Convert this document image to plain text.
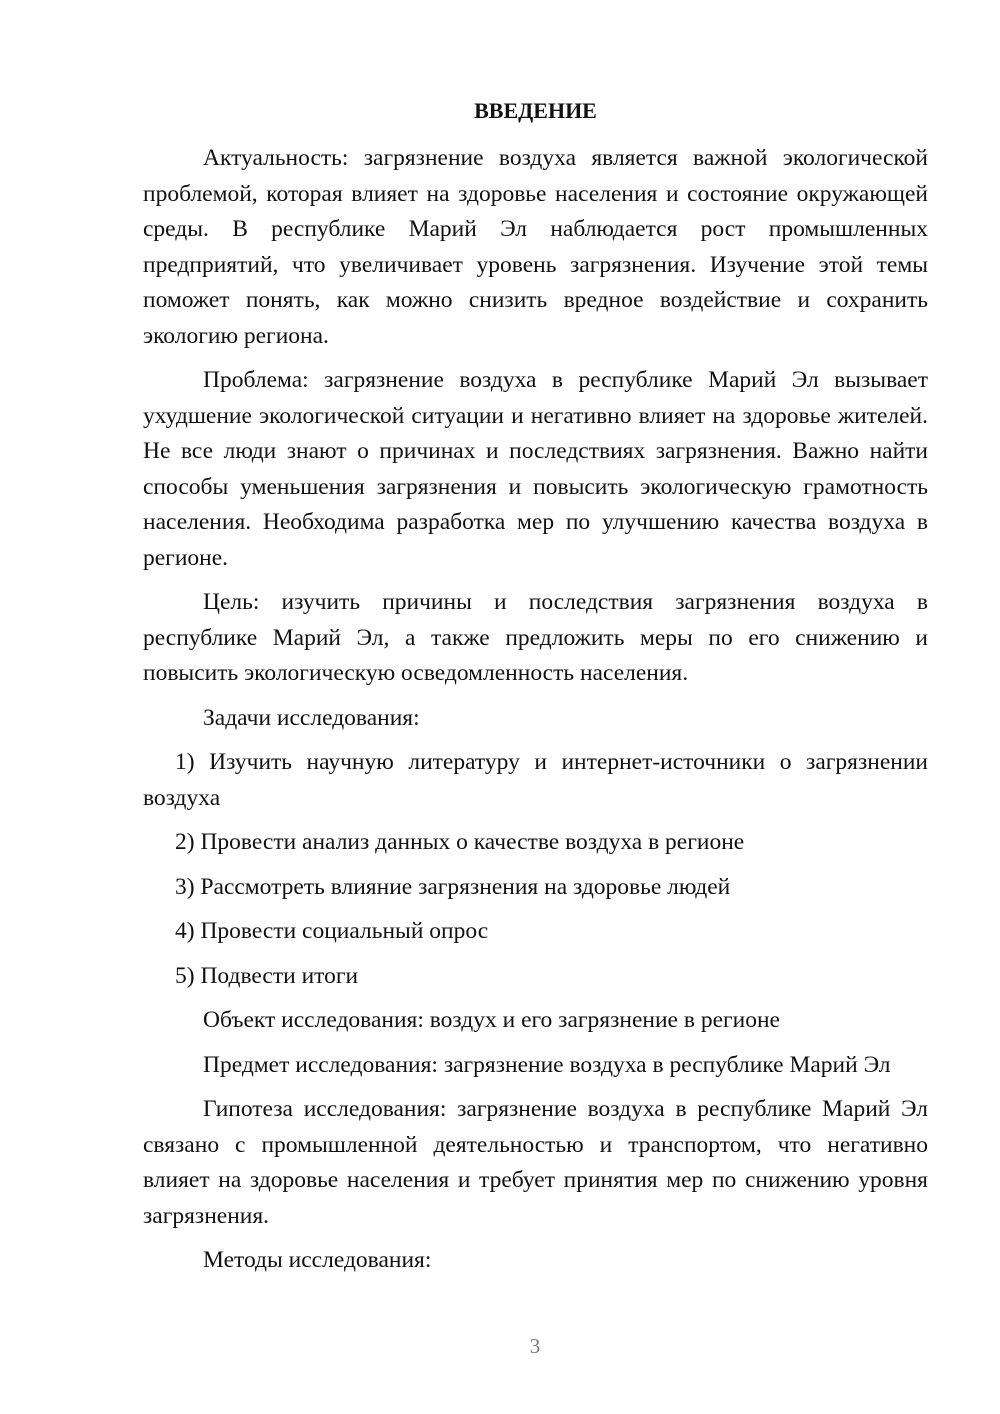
ВВЕДЕНИЕ
Актуальность: загрязнение воздуха является важной экологической проблемой, которая влияет на здоровье населения и состояние окружающей среды. В республике Марий Эл наблюдается рост промышленных предприятий, что увеличивает уровень загрязнения. Изучение этой темы поможет понять, как можно снизить вредное воздействие и сохранить экологию региона.
Проблема: загрязнение воздуха в республике Марий Эл вызывает ухудшение экологической ситуации и негативно влияет на здоровье жителей. Не все люди знают о причинах и последствиях загрязнения. Важно найти способы уменьшения загрязнения и повысить экологическую грамотность населения. Необходима разработка мер по улучшению качества воздуха в регионе.
Цель: изучить причины и последствия загрязнения воздуха в республике Марий Эл, а также предложить меры по его снижению и повысить экологическую осведомленность населения.
Задачи исследования:
1) Изучить научную литературу и интернет-источники о загрязнении воздуха
2) Провести анализ данных о качестве воздуха в регионе
3) Рассмотреть влияние загрязнения на здоровье людей
4) Провести социальный опрос
5) Подвести итоги
Объект исследования: воздух и его загрязнение в регионе
Предмет исследования: загрязнение воздуха в республике Марий Эл
Гипотеза исследования: загрязнение воздуха в республике Марий Эл связано с промышленной деятельностью и транспортом, что негативно влияет на здоровье населения и требует принятия мер по снижению уровня загрязнения.
Методы исследования:
3
